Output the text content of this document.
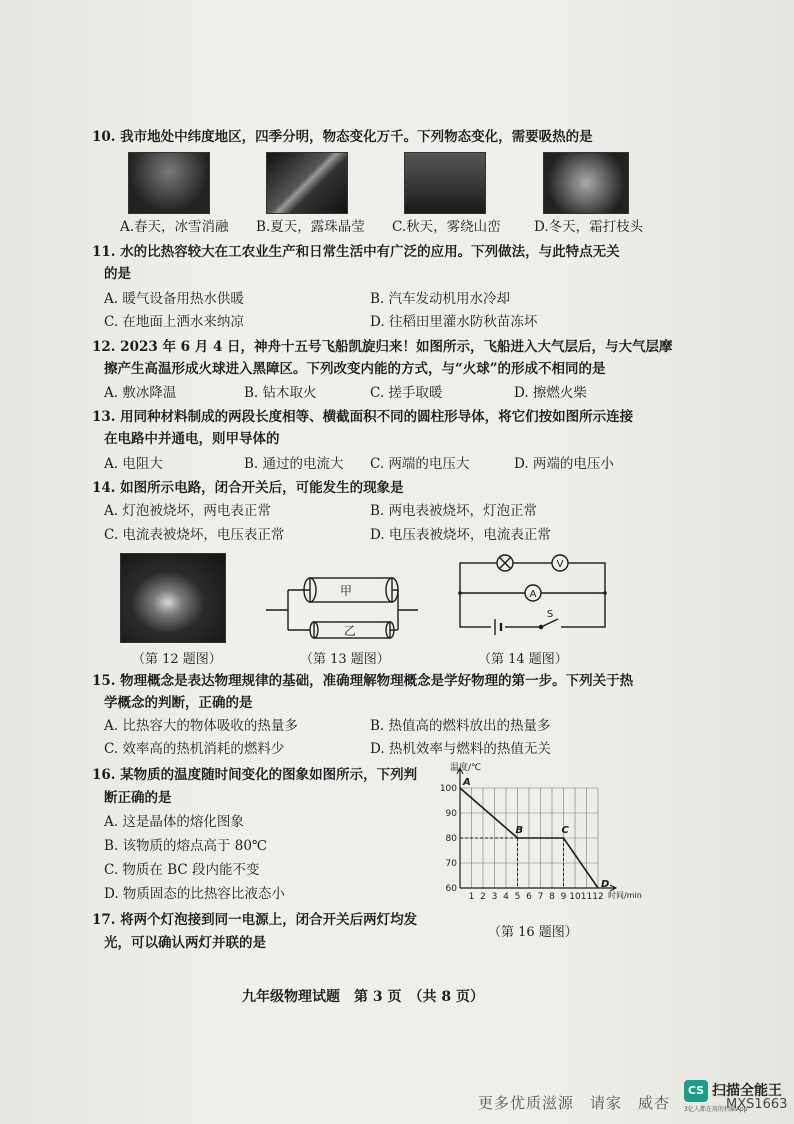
10. 我市地处中纬度地区，四季分明，物态变化万千。下列物态变化，需要吸热的是
A.春天，冰雪消融 B.夏天，露珠晶莹 C.秋天，雾绕山峦 D.冬天，霜打枝头
11. 水的比热容较大在工农业生产和日常生活中有广泛的应用。下列做法，与此特点无关
的是
A. 暖气设备用热水供暖	B. 汽车发动机用水冷却
C. 在地面上洒水来纳凉	D. 往稻田里灌水防秋苗冻坏
12. 2023 年 6 月 4 日，神舟十五号飞船凯旋归来！如图所示，飞船进入大气层后，与大气层摩
擦产生高温形成火球进入黑障区。下列改变内能的方式，与“火球”的形成不相同的是
A. 敷冰降温	B. 钻木取火	C. 搓手取暖	D. 擦燃火柴
13. 用同种材料制成的两段长度相等、横截面积不同的圆柱形导体，将它们按如图所示连接
在电路中并通电，则甲导体的
A. 电阻大	B. 通过的电流大 C. 两端的电压大	D. 两端的电压小
14. 如图所示电路，闭合开关后，可能发生的现象是
A. 灯泡被烧坏，两电表正常	B. 两电表被烧坏，灯泡正常
C. 电流表被烧坏，电压表正常	D. 电压表被烧坏，电流表正常
（第 12 题图）
甲
乙
（第 13 题图）
V
A
S
（第 14 题图）
15. 物理概念是表达物理规律的基础，准确理解物理概念是学好物理的第一步。下列关于热
学概念的判断，正确的是
A. 比热容大的物体吸收的热量多	B. 热值高的燃料放出的热量多
C. 效率高的热机消耗的燃料少	D. 热机效率与燃料的热值无关
16. 某物质的温度随时间变化的图象如图所示，下列判
断正确的是
A. 这是晶体的熔化图象
B. 该物质的熔点高于 80℃
C. 物质在 BC 段内能不变
D. 物质固态的比热容比液态小
17. 将两个灯泡接到同一电源上，闭合开关后两灯均发
光，可以确认两灯并联的是
1 2 3 4 5 6 7 8 9 10 11 12
60
70
80
90
100
A
B	C
D
温度/℃
时间/min
（第 16 题图）
九年级物理试题　第 3 页　（共 8 页）
更多优质滋源　请家　威杏
CS 扫描全能王
3亿人都在用的扫描App
MXS1663
